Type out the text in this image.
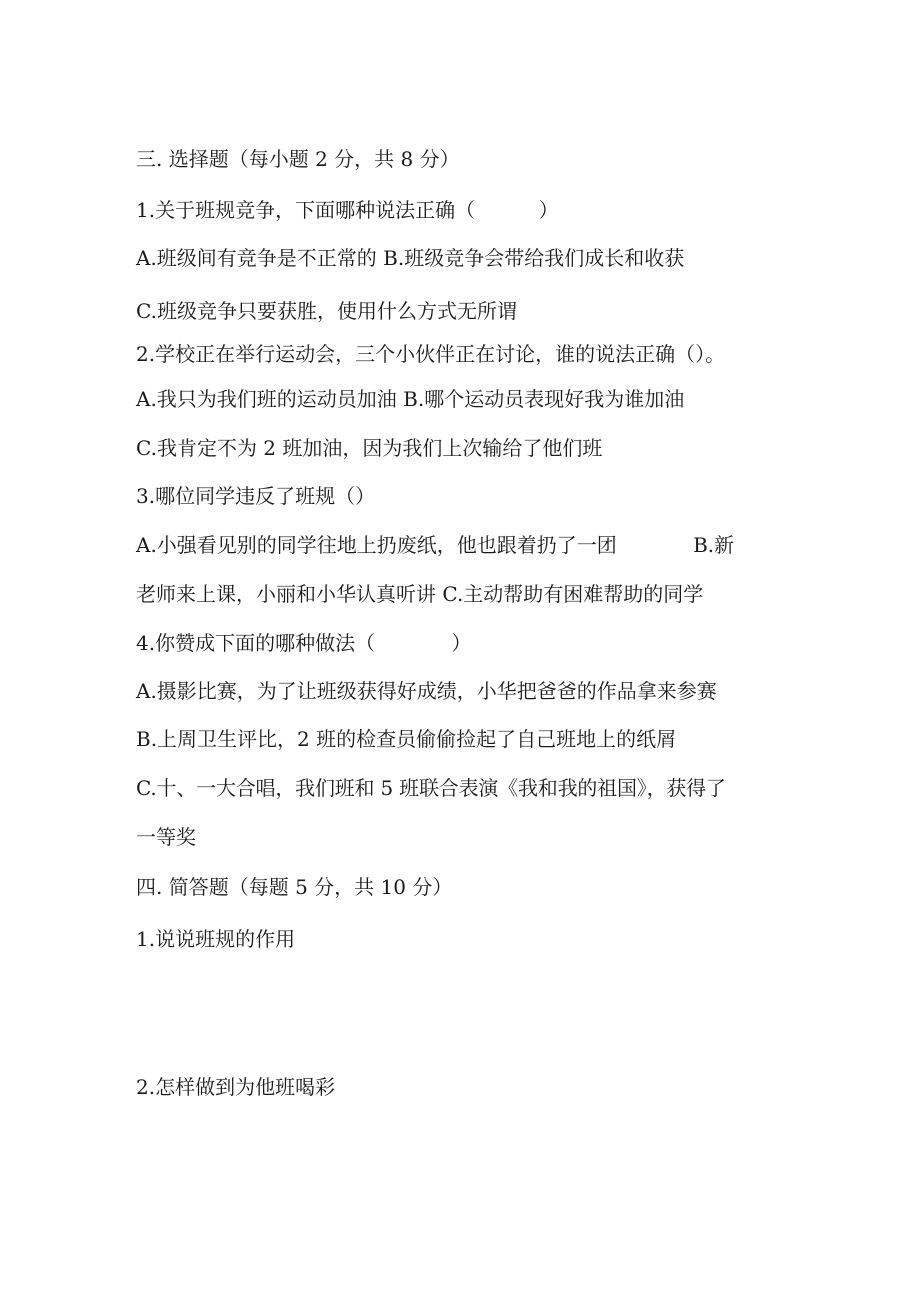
三. 选择题（每小题 2 分，共 8 分）

1.关于班规竞争，下面哪种说法正确（          ）

A.班级间有竞争是不正常的 B.班级竞争会带给我们成长和收获

C.班级竞争只要获胜，使用什么方式无所谓

2.学校正在举行运动会，三个小伙伴正在讨论，谁的说法正确（）。

A.我只为我们班的运动员加油 B.哪个运动员表现好我为谁加油

C.我肯定不为 2 班加油，因为我们上次输给了他们班

3.哪位同学违反了班规（）

A.小强看见别的同学往地上扔废纸，他也跟着扔了一团            B.新

老师来上课，小丽和小华认真听讲 C.主动帮助有困难帮助的同学

4.你赞成下面的哪种做法（            ）

A.摄影比赛，为了让班级获得好成绩，小华把爸爸的作品拿来参赛

B.上周卫生评比，2 班的检查员偷偷捡起了自己班地上的纸屑

C.十、一大合唱，我们班和 5 班联合表演《我和我的祖国》，获得了

一等奖

四. 简答题（每题 5 分，共 10 分）

1.说说班规的作用

2.怎样做到为他班喝彩
